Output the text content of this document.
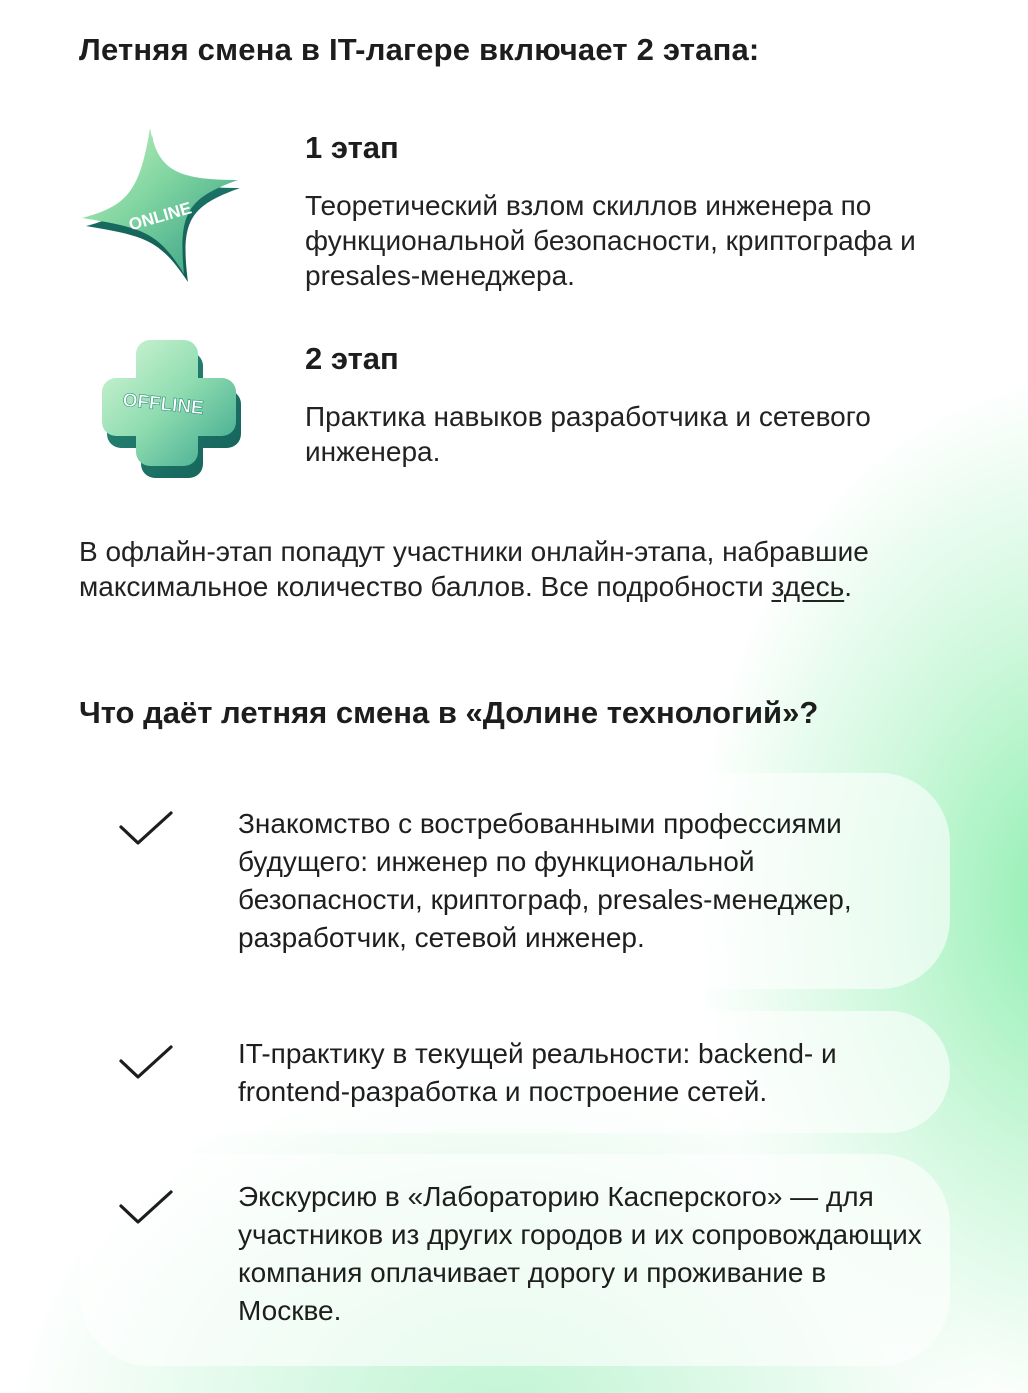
Летняя смена в IT-лагере включает 2 этапа:
ONLINE
1 этап

Теоретический взлом скиллов инженера по функциональной безопасности, криптографа и presales-менеджера.

OFFLINE
2 этап

Практика навыков разработчика и сетевого инженера.

В офлайн-этап попадут участники онлайн-этапа, набравшие максимальное количество баллов. Все подробности здесь.

Что даёт летняя смена в «Долине технологий»?

Знакомство с востребованными профессиями будущего: инженер по функциональной безопасности, криптограф, presales-менеджер, разработчик, сетевой инженер.

IT-практику в текущей реальности: backend- и frontend-разработка и построение сетей.

Экскурсию в «Лабораторию Касперского» — для участников из других городов и их сопровождающих компания оплачивает дорогу и проживание в Москве.
